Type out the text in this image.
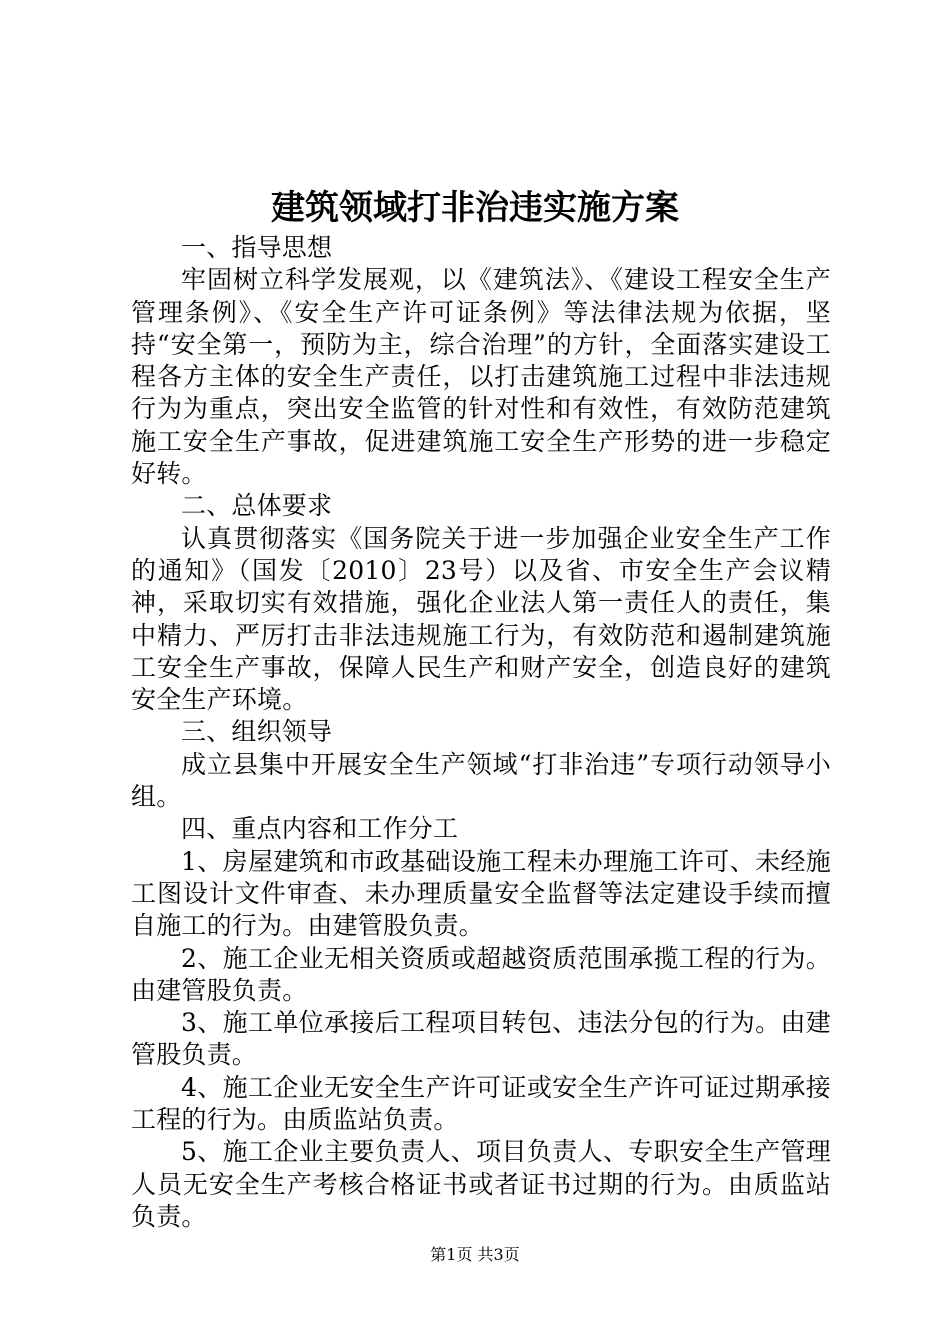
建筑领域打非治违实施方案

一、指导思想

牢固树立科学发展观，以《建筑法》、《建设工程安全生产管理条例》、《安全生产许可证条例》等法律法规为依据，坚持“安全第一，预防为主，综合治理”的方针，全面落实建设工程各方主体的安全生产责任，以打击建筑施工过程中非法违规行为为重点，突出安全监管的针对性和有效性，有效防范建筑施工安全生产事故，促进建筑施工安全生产形势的进一步稳定好转。

二、总体要求

认真贯彻落实《国务院关于进一步加强企业安全生产工作的通知》（国发〔2010〕23号）以及省、市安全生产会议精神，采取切实有效措施，强化企业法人第一责任人的责任，集中精力、严厉打击非法违规施工行为，有效防范和遏制建筑施工安全生产事故，保障人民生产和财产安全，创造良好的建筑安全生产环境。

三、组织领导

成立县集中开展安全生产领域“打非治违”专项行动领导小组。

四、重点内容和工作分工

1、房屋建筑和市政基础设施工程未办理施工许可、未经施工图设计文件审查、未办理质量安全监督等法定建设手续而擅自施工的行为。由建管股负责。

2、施工企业无相关资质或超越资质范围承揽工程的行为。由建管股负责。

3、施工单位承接后工程项目转包、违法分包的行为。由建管股负责。

4、施工企业无安全生产许可证或安全生产许可证过期承接工程的行为。由质监站负责。

5、施工企业主要负责人、项目负责人、专职安全生产管理人员无安全生产考核合格证书或者证书过期的行为。由质监站负责。

第1页 共3页
